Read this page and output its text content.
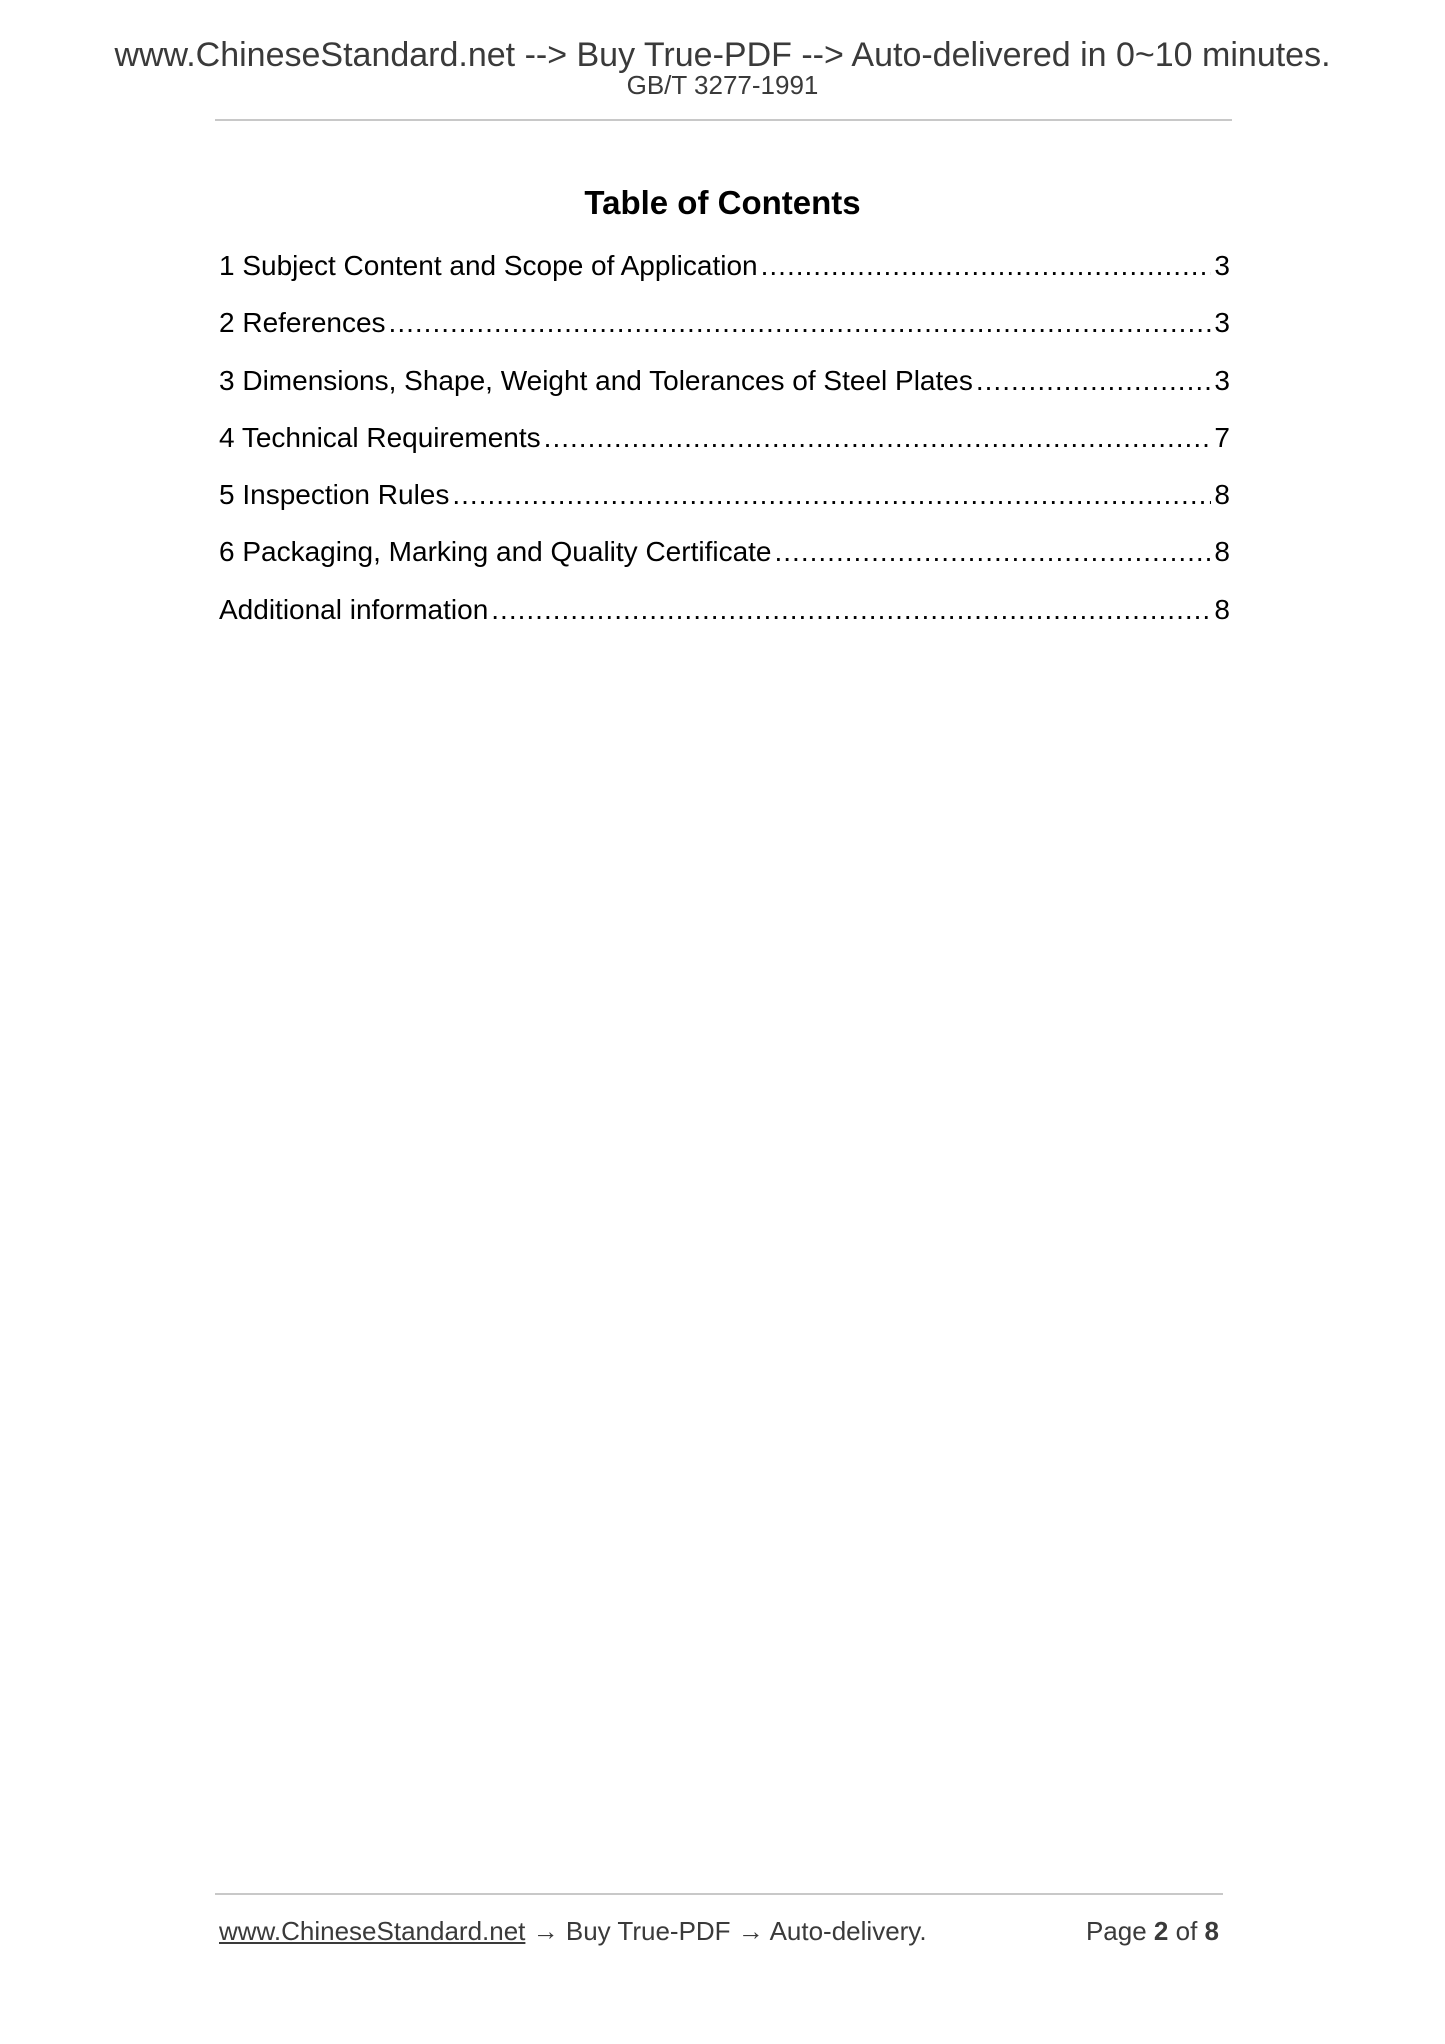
www.ChineseStandard.net --> Buy True-PDF --> Auto-delivered in 0~10 minutes.
GB/T 3277-1991
Table of Contents
1 Subject Content and Scope of Application .....	3
2 References .....	3
3 Dimensions, Shape, Weight and Tolerances of Steel Plates .....	3
4 Technical Requirements .....	7
5 Inspection Rules .....	8
6 Packaging, Marking and Quality Certificate .....	8
Additional information .....	8
www.ChineseStandard.net → Buy True-PDF → Auto-delivery.	Page 2 of 8
